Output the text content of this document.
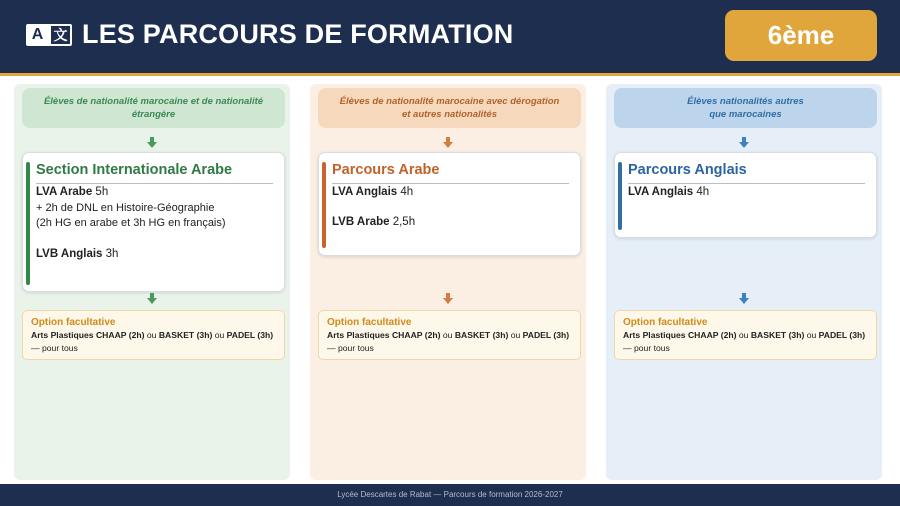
A 文 LES PARCOURS DE FORMATION	6ème
Élèves de nationalité marocaine et de nationalité étrangère
Section Internationale Arabe
LVA Arabe 5h
+ 2h de DNL en Histoire-Géographie
(2h HG en arabe et 3h HG en français)
LVB Anglais 3h
Option facultative
Arts Plastiques CHAAP (2h) ou BASKET (3h) ou PADEL (3h)
— pour tous
Élèves de nationalité marocaine avec dérogation
et autres nationalités
Parcours Arabe
LVA Anglais 4h
LVB Arabe 2,5h
Option facultative
Arts Plastiques CHAAP (2h) ou BASKET (3h) ou PADEL (3h)
— pour tous
Élèves nationalités autres
que marocaines
Parcours Anglais
LVA Anglais 4h
Option facultative
Arts Plastiques CHAAP (2h) ou BASKET (3h) ou PADEL (3h)
— pour tous
Lycée Descartes de Rabat — Parcours de formation 2026-2027
